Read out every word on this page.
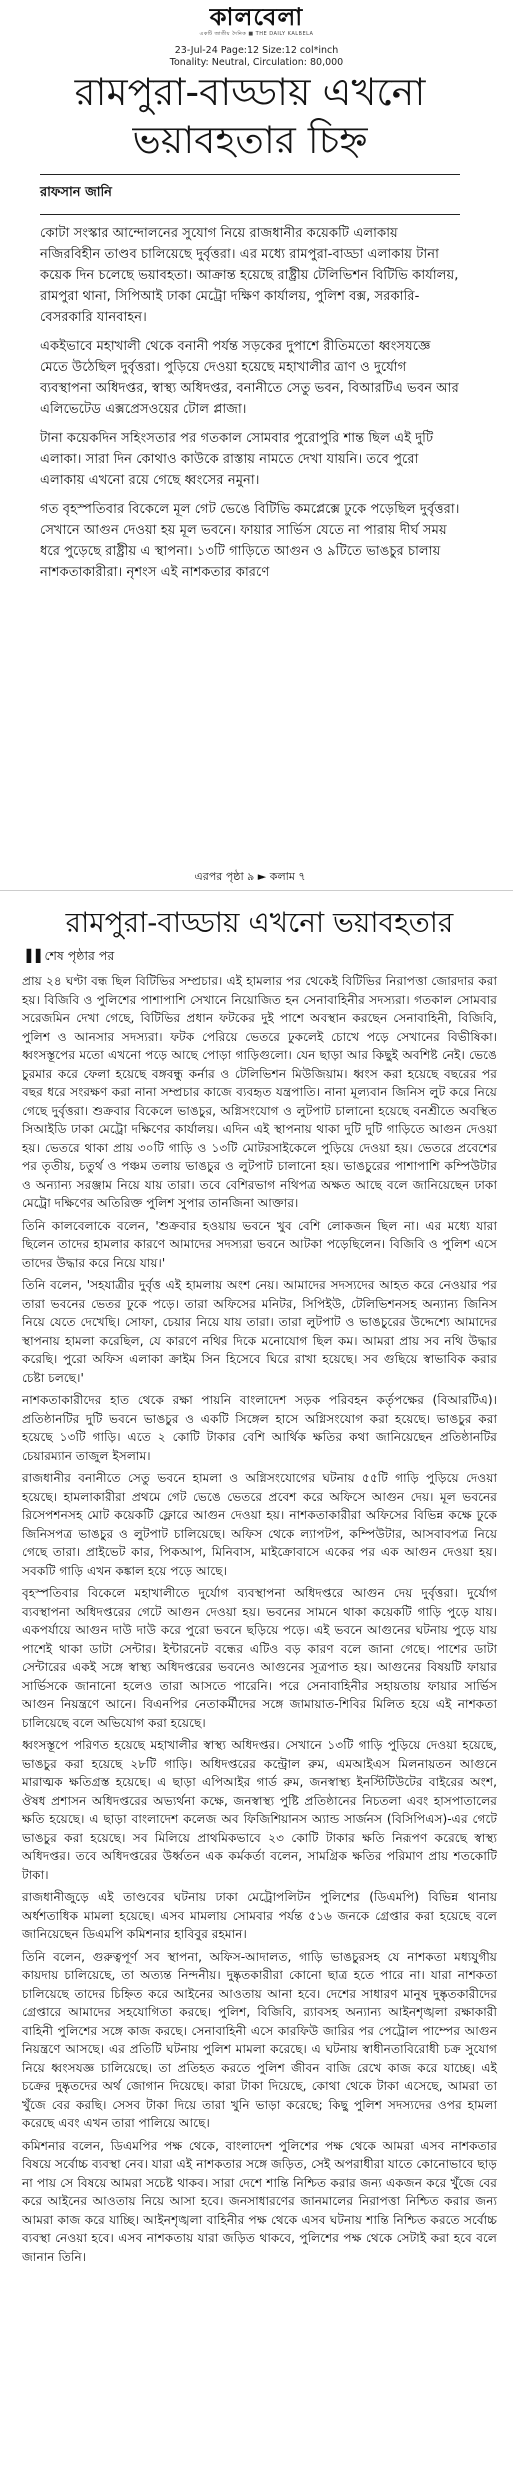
কালবেলা
একটি জাতীয় দৈনিক ■ THE DAILY KALBELA
23-Jul-24 Page:12 Size:12 col*inch
Tonality: Neutral, Circulation: 80,000
রামপুরা-বাড্ডায় এখনো ভয়াবহতার চিহ্ন
রাফসান জানি

কোটা সংস্কার আন্দোলনের সুযোগ নিয়ে রাজধানীর কয়েকটি এলাকায় নজিরবিহীন তাণ্ডব চালিয়েছে দুর্বৃত্তরা। এর মধ্যে রামপুরা-বাড্ডা এলাকায় টানা কয়েক দিন চলেছে ভয়াবহতা। আক্রান্ত হয়েছে রাষ্ট্রীয় টেলিভিশন বিটিভি কার্যালয়, রামপুরা থানা, সিপিআই ঢাকা মেট্রো দক্ষিণ কার্যালয়, পুলিশ বক্স, সরকারি-বেসরকারি যানবাহন।

একইভাবে মহাখালী থেকে বনানী পর্যন্ত সড়কের দুপাশে রীতিমতো ধ্বংসযজ্ঞে মেতে উঠেছিল দুর্বৃত্তরা। পুড়িয়ে দেওয়া হয়েছে মহাখালীর ত্রাণ ও দুর্যোগ ব্যবস্থাপনা অধিদপ্তর, স্বাস্থ্য অধিদপ্তর, বনানীতে সেতু ভবন, বিআরটিএ ভবন আর এলিভেটেড এক্সপ্রেসওয়ের টোল প্লাজা।

টানা কয়েকদিন সহিংসতার পর গতকাল সোমবার পুরোপুরি শান্ত ছিল এই দুটি এলাকা। সারা দিন কোথাও কাউকে রাস্তায় নামতে দেখা যায়নি। তবে পুরো এলাকায় এখনো রয়ে গেছে ধ্বংসের নমুনা।

গত বৃহস্পতিবার বিকেলে মূল গেট ভেঙে বিটিভি কমপ্লেক্সে ঢুকে পড়েছিল দুর্বৃত্তরা। সেখানে আগুন দেওয়া হয় মূল ভবনে। ফায়ার সার্ভিস যেতে না পারায় দীর্ঘ সময় ধরে পুড়েছে রাষ্ট্রীয় এ স্থাপনা। ১৩টি গাড়িতে আগুন ও ৯টিতে ভাঙচুর চালায় নাশকতাকারীরা। নৃশংস এই নাশকতার কারণে

এরপর পৃষ্ঠা ৯ ► কলাম ৭
রামপুরা-বাড্ডায় এখনো ভয়াবহতার
▐▐ শেষ পৃষ্ঠার পর

প্রায় ২৪ ঘণ্টা বন্ধ ছিল বিটিভির সম্প্রচার। এই হামলার পর থেকেই বিটিভির নিরাপত্তা জোরদার করা হয়। বিজিবি ও পুলিশের পাশাপাশি সেখানে নিয়োজিত হন সেনাবাহিনীর সদস্যরা। গতকাল সোমবার সরেজমিন দেখা গেছে, বিটিভির প্রধান ফটকের দুই পাশে অবস্থান করছেন সেনাবাহিনী, বিজিবি, পুলিশ ও আনসার সদস্যরা। ফটক পেরিয়ে ভেতরে ঢুকলেই চোখে পড়ে সেখানের বিভীষিকা। ধ্বংসস্তূপের মতো এখনো পড়ে আছে পোড়া গাড়িগুলো। যেন ছাড়া আর কিছুই অবশিষ্ট নেই। ভেঙে চুরমার করে ফেলা হয়েছে বঙ্গবন্ধু কর্নার ও টেলিভিশন মিউজিয়াম। ধ্বংস করা হয়েছে বছরের পর বছর ধরে সংরক্ষণ করা নানা সম্প্রচার কাজে ব্যবহৃত যন্ত্রপাতি। নানা মূল্যবান জিনিস লুট করে নিয়ে গেছে দুর্বৃত্তরা। শুক্রবার বিকেলে ভাঙচুর, অগ্নিসংযোগ ও লুটপাট চালানো হয়েছে বনশ্রীতে অবস্থিত সিআইডি ঢাকা মেট্রো দক্ষিণের কার্যালয়। এদিন এই স্থাপনায় থাকা দুটি দুটি গাড়িতে আগুন দেওয়া হয়। ভেতরে থাকা প্রায় ৩০টি গাড়ি ও ১৩টি মোটরসাইকেলে পুড়িয়ে দেওয়া হয়। ভেতরে প্রবেশের পর তৃতীয়, চতুর্থ ও পঞ্চম তলায় ভাঙচুর ও লুটপাট চালানো হয়। ভাঙচুরের পাশাপাশি কম্পিউটার ও অন্যান্য সরঞ্জাম নিয়ে যায় তারা। তবে বেশিরভাগ নথিপত্র অক্ষত আছে বলে জানিয়েছেন ঢাকা মেট্রো দক্ষিণের অতিরিক্ত পুলিশ সুপার তানজিনা আক্তার।

তিনি কালবেলাকে বলেন, 'শুক্রবার হওয়ায় ভবনে খুব বেশি লোকজন ছিল না। এর মধ্যে যারা ছিলেন তাদের হামলার কারণে আমাদের সদস্যরা ভবনে আটকা পড়েছিলেন। বিজিবি ও পুলিশ এসে তাদের উদ্ধার করে নিয়ে যায়।'

তিনি বলেন, 'সহযাত্রীর দুর্বৃত্ত এই হামলায় অংশ নেয়। আমাদের সদস্যদের আহত করে নেওয়ার পর তারা ভবনের ভেতর ঢুকে পড়ে। তারা অফিসের মনিটর, সিপিইউ, টেলিভিশনসহ অন্যান্য জিনিস নিয়ে যেতে দেখেছি। সোফা, চেয়ার নিয়ে যায় তারা। তারা লুটপাট ও ভাঙচুরের উদ্দেশ্যে আমাদের স্থাপনায় হামলা করেছিল, যে কারণে নথির দিকে মনোযোগ ছিল কম। আমরা প্রায় সব নথি উদ্ধার করেছি। পুরো অফিস এলাকা ক্রাইম সিন হিসেবে ঘিরে রাখা হয়েছে। সব গুছিয়ে স্বাভাবিক করার চেষ্টা চলছে।'

নাশকতাকারীদের হাত থেকে রক্ষা পায়নি বাংলাদেশ সড়ক পরিবহন কর্তৃপক্ষের (বিআরটিএ)। প্রতিষ্ঠানটির দুটি ভবনে ভাঙচুর ও একটি সিঙ্গেল হাসে অগ্নিসংযোগ করা হয়েছে। ভাঙচুর করা হয়েছে ১৩টি গাড়ি। এতে ২ কোটি টাকার বেশি আর্থিক ক্ষতির কথা জানিয়েছেন প্রতিষ্ঠানটির চেয়ারম্যান তাজুল ইসলাম।

রাজধানীর বনানীতে সেতু ভবনে হামলা ও অগ্নিসংযোগের ঘটনায় ৫৫টি গাড়ি পুড়িয়ে দেওয়া হয়েছে। হামলাকারীরা প্রথমে গেট ভেঙে ভেতরে প্রবেশ করে অফিসে আগুন দেয়। মূল ভবনের রিসেপশনসহ মোট কয়েকটি ফ্লোরে আগুন দেওয়া হয়। নাশকতাকারীরা অফিসের বিভিন্ন কক্ষে ঢুকে জিনিসপত্র ভাঙচুর ও লুটপাট চালিয়েছে। অফিস থেকে ল্যাপটপ, কম্পিউটার, আসবাবপত্র নিয়ে গেছে তারা। প্রাইভেট কার, পিকআপ, মিনিবাস, মাইক্রোবাসে একের পর এক আগুন দেওয়া হয়। সবকটি গাড়ি এখন কঙ্কাল হয়ে পড়ে আছে।

বৃহস্পতিবার বিকেলে মহাখালীতে দুর্যোগ ব্যবস্থাপনা অধিদপ্তরে আগুন দেয় দুর্বৃত্তরা। দুর্যোগ ব্যবস্থাপনা অধিদপ্তরের গেটে আগুন দেওয়া হয়। ভবনের সামনে থাকা কয়েকটি গাড়ি পুড়ে যায়। একপর্যায়ে আগুন দাউ দাউ করে পুরো ভবনে ছড়িয়ে পড়ে। এই ভবনে আগুনের ঘটনায় পুড়ে যায় পাশেই থাকা ডাটা সেন্টার। ইন্টারনেট বন্ধের এটিও বড় কারণ বলে জানা গেছে। পাশের ডাটা সেন্টারের একই সঙ্গে স্বাস্থ্য অধিদপ্তরের ভবনেও আগুনের সূত্রপাত হয়। আগুনের বিষয়টি ফায়ার সার্ভিসকে জানানো হলেও তারা আসতে পারেনি। পরে সেনাবাহিনীর সহায়তায় ফায়ার সার্ভিস আগুন নিয়ন্ত্রণে আনে। বিএনপির নেতাকর্মীদের সঙ্গে জামায়াত-শিবির মিলিত হয়ে এই নাশকতা চালিয়েছে বলে অভিযোগ করা হয়েছে।

ধ্বংসস্তূপে পরিণত হয়েছে মহাখালীর স্বাস্থ্য অধিদপ্তর। সেখানে ১৩টি গাড়ি পুড়িয়ে দেওয়া হয়েছে, ভাঙচুর করা হয়েছে ২৮টি গাড়ি। অধিদপ্তরের কন্ট্রোল রুম, এমআইএস মিলনায়তন আগুনে মারাত্মক ক্ষতিগ্রস্ত হয়েছে। এ ছাড়া এপিআইর গার্ড রুম, জনস্বাস্থ্য ইনস্টিটিউটের বাইরের অংশ, ঔষধ প্রশাসন অধিদপ্তরের অভ্যর্থনা কক্ষে, জনস্বাস্থ্য পুষ্টি প্রতিষ্ঠানের নিচতলা এবং হাসপাতালের ক্ষতি হয়েছে। এ ছাড়া বাংলাদেশ কলেজ অব ফিজিশিয়ানস অ্যান্ড সার্জনস (বিসিপিএস)-এর গেটে ভাঙচুর করা হয়েছে। সব মিলিয়ে প্রাথমিকভাবে ২৩ কোটি টাকার ক্ষতি নিরূপণ করেছে স্বাস্থ্য অধিদপ্তর। তবে অধিদপ্তরের উর্ধ্বতন এক কর্মকর্তা বলেন, সামগ্রিক ক্ষতির পরিমাণ প্রায় শতকোটি টাকা।

রাজধানীজুড়ে এই তাণ্ডবের ঘটনায় ঢাকা মেট্রোপলিটন পুলিশের (ডিএমপি) বিভিন্ন থানায় অর্ধশতাধিক মামলা হয়েছে। এসব মামলায় সোমবার পর্যন্ত ৫১৬ জনকে গ্রেপ্তার করা হয়েছে বলে জানিয়েছেন ডিএমপি কমিশনার হাবিবুর রহমান।

তিনি বলেন, গুরুত্বপূর্ণ সব স্থাপনা, অফিস-আদালত, গাড়ি ভাঙচুরসহ যে নাশকতা মধ্যযুগীয় কায়দায় চালিয়েছে, তা অত্যন্ত নিন্দনীয়। দুষ্কৃতকারীরা কোনো ছাত্র হতে পারে না। যারা নাশকতা চালিয়েছে তাদের চিহ্নিত করে আইনের আওতায় আনা হবে। দেশের সাধারণ মানুষ দুষ্কৃতকারীদের গ্রেপ্তারে আমাদের সহযোগিতা করছে। পুলিশ, বিজিবি, র‍্যাবসহ অন্যান্য আইনশৃঙ্খলা রক্ষাকারী বাহিনী পুলিশের সঙ্গে কাজ করছে। সেনাবাহিনী এসে কারফিউ জারির পর পেট্রোল পাম্পের আগুন নিয়ন্ত্রণে আসছে। এর প্রতিটি ঘটনায় পুলিশ মামলা করেছে। এ ঘটনায় স্বাধীনতাবিরোধী চক্র সুযোগ নিয়ে ধ্বংসযজ্ঞ চালিয়েছে। তা প্রতিহত করতে পুলিশ জীবন বাজি রেখে কাজ করে যাচ্ছে। এই চক্রের দুষ্কৃতদের অর্থ জোগান দিয়েছে। কারা টাকা দিয়েছে, কোথা থেকে টাকা এসেছে, আমরা তা খুঁজে বের করছি। সেসব টাকা দিয়ে তারা খুনি ভাড়া করেছে; কিছু পুলিশ সদস্যদের ওপর হামলা করেছে এবং এখন তারা পালিয়ে আছে।

কমিশনার বলেন, ডিএমপির পক্ষ থেকে, বাংলাদেশ পুলিশের পক্ষ থেকে আমরা এসব নাশকতার বিষয়ে সর্বোচ্চ ব্যবস্থা নেব। যারা এই নাশকতার সঙ্গে জড়িত, সেই অপরাধীরা যাতে কোনোভাবে ছাড় না পায় সে বিষয়ে আমরা সচেষ্ট থাকব। সারা দেশে শান্তি নিশ্চিত করার জন্য একজন করে খুঁজে বের করে আইনের আওতায় নিয়ে আসা হবে। জনসাধারণের জানমালের নিরাপত্তা নিশ্চিত করার জন্য আমরা কাজ করে যাচ্ছি। আইনশৃঙ্খলা বাহিনীর পক্ষ থেকে এসব ঘটনায় শান্তি নিশ্চিত করতে সর্বোচ্চ ব্যবস্থা নেওয়া হবে। এসব নাশকতায় যারা জড়িত থাকবে, পুলিশের পক্ষ থেকে সেটাই করা হবে বলে জানান তিনি।
